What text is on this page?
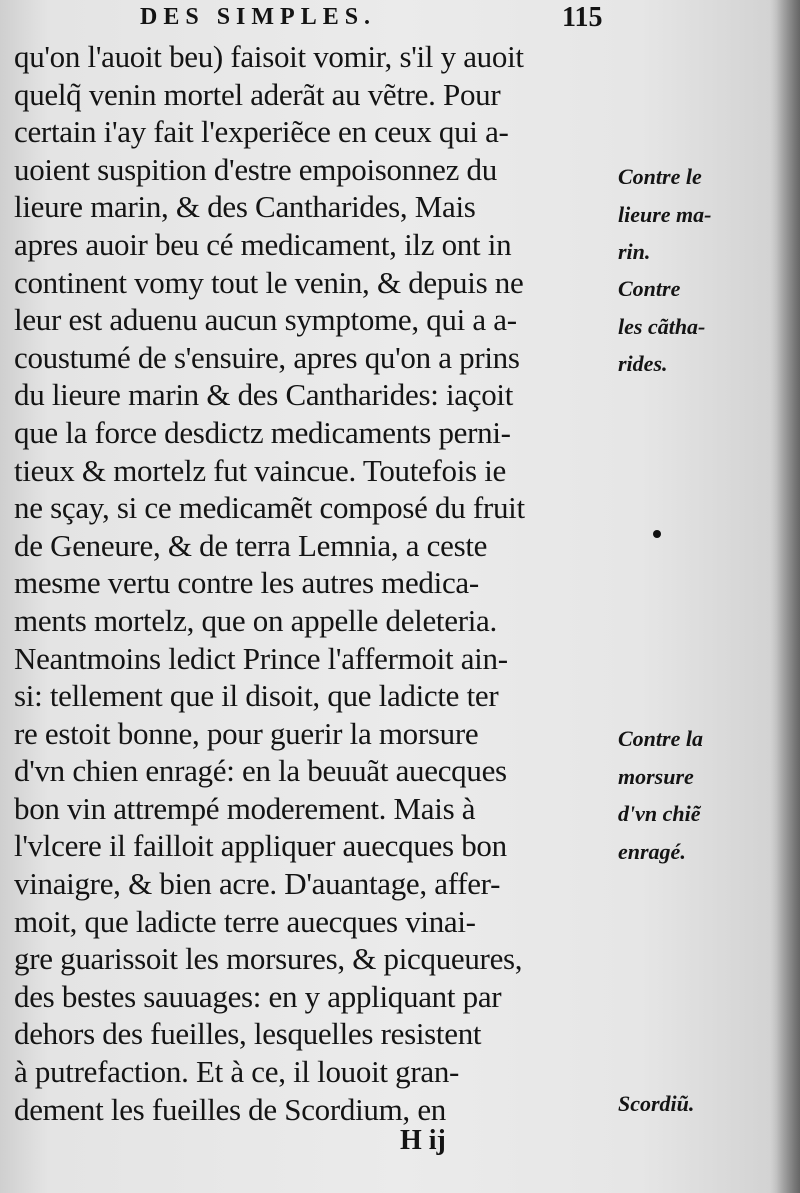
DES SIMPLES.	115
qu'on l'auoit beu) faisoit vomir, s'il y auoit
quelq̃ venin mortel aderãt au vẽtre. Pour
certain i'ay fait l'experiẽce en ceux qui a-
uoient suspition d'estre empoisonnez du
lieure marin, & des Cantharides, Mais
apres auoir beu cé medicament, ilz ont in
continent vomy tout le venin, & depuis ne
leur est aduenu aucun symptome, qui a a-
coustumé de s'ensuire, apres qu'on a prins
du lieure marin & des Cantharides: iaçoit
que la force desdictz medicaments perni-
tieux & mortelz fut vaincue. Toutefois ie
ne sçay, si ce medicamẽt composé du fruit
de Geneure, & de terra Lemnia, a ceste
mesme vertu contre les autres medica-
ments mortelz, que on appelle deleteria.
Neantmoins ledict Prince l'affermoit ain-
si: tellement que il disoit, que ladicte ter
re estoit bonne, pour guerir la morsure
d'vn chien enragé: en la beuuãt auecques
bon vin attrempé moderement. Mais à
l'vlcere il failloit appliquer auecques bon
vinaigre, & bien acre. D'auantage, affer-
moit, que ladicte terre auecques vinai-
gre guarissoit les morsures, & picqueures,
des bestes sauuages: en y appliquant par
dehors des fueilles, lesquelles resistent
à putrefaction. Et à ce, il louoit gran-
dement les fueilles de Scordium, en
Contre le
lieure ma-
rin.
Contre
les cãtha-
rides.
Contre la
morsure
d'vn chiẽ
enragé.
Scordiũ.
H ij
